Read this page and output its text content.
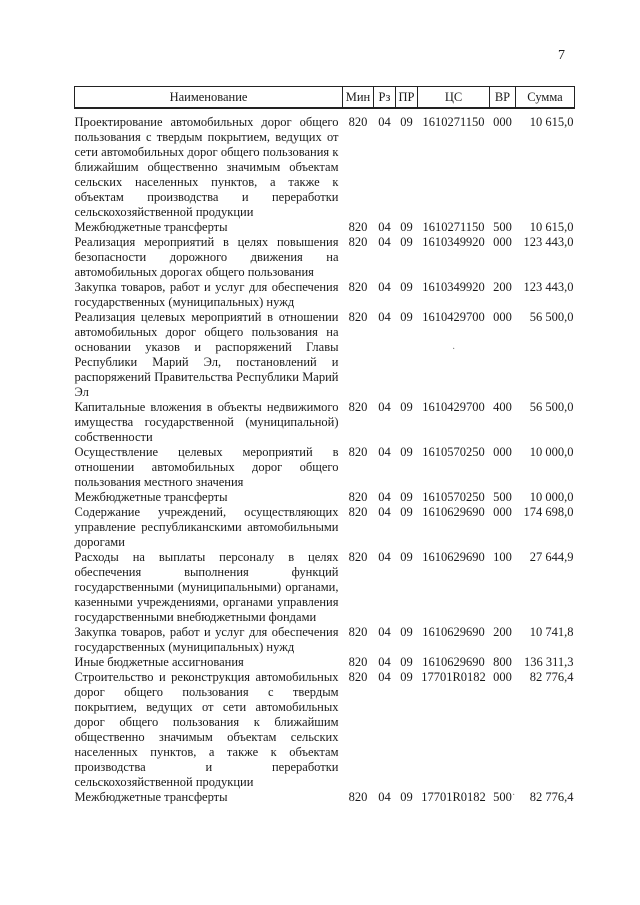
7
Наименование	Мин	Рз	ПР	ЦС	ВР	Сумма
Проектирование автомобильных дорог общего пользования с твердым покрытием, ведущих от сети автомобильных дорог общего пользования к ближайшим общественно значимым объектам сельских населенных пунктов, а также к объектам производства и переработки сельскохозяйственной продукции	820	04	09	1610271150	000	10 615,0
Межбюджетные трансферты	820	04	09	1610271150	500	10 615,0
Реализация мероприятий в целях повышения безопасности дорожного движения на автомобильных дорогах общего пользования	820	04	09	1610349920	000	123 443,0
Закупка товаров, работ и услуг для обеспечения государственных (муниципальных) нужд	820	04	09	1610349920	200	123 443,0
Реализация целевых мероприятий в отношении автомобильных дорог общего пользования на основании указов и распоряжений Главы Республики Марий Эл, постановлений и распоряжений Правительства Республики Марий Эл	820	04	09	1610429700	000	56 500,0
Капитальные вложения в объекты недвижимого имущества государственной (муниципальной) собственности	820	04	09	1610429700	400	56 500,0
Осуществление целевых мероприятий в отношении автомобильных дорог общего пользования местного значения	820	04	09	1610570250	000	10 000,0
Межбюджетные трансферты	820	04	09	1610570250	500	10 000,0
Содержание учреждений, осуществляющих управление республиканскими автомобильными дорогами	820	04	09	1610629690	000	174 698,0
Расходы на выплаты персоналу в целях обеспечения выполнения функций государственными (муниципальными) органами, казенными учреждениями, органами управления государственными внебюджетными фондами	820	04	09	1610629690	100	27 644,9
Закупка товаров, работ и услуг для обеспечения государственных (муниципальных) нужд	820	04	09	1610629690	200	10 741,8
Иные бюджетные ассигнования	820	04	09	1610629690	800	136 311,3
Строительство и реконструкция автомобильных дорог общего пользования с твердым покрытием, ведущих от сети автомобильных дорог общего пользования к ближайшим общественно значимым объектам сельских населенных пунктов, а также к объектам производства и переработки сельскохозяйственной продукции	820	04	09	17701R0182	000	82 776,4
Межбюджетные трансферты	820	04	09	17701R0182	500	82 776,4
·
·
